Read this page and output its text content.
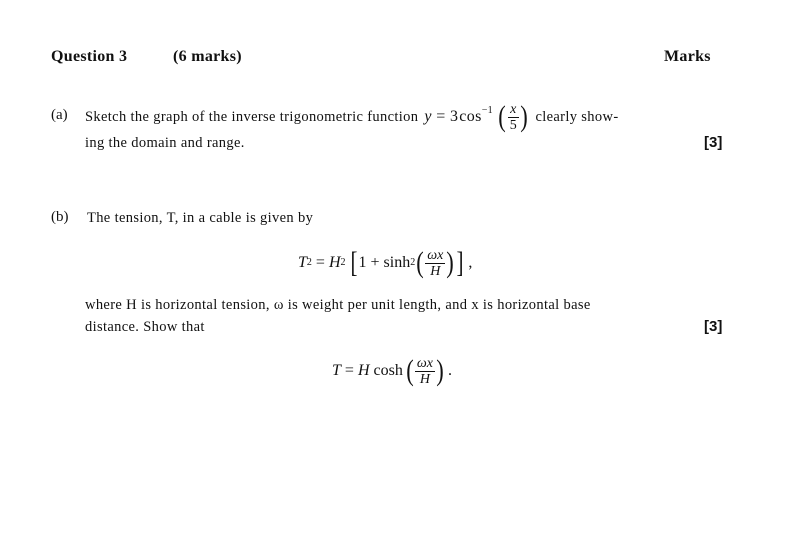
Question 3	(6 marks)	Marks
(a) Sketch the graph of the inverse trigonometric function $y = 3\cos^{-1}$ ( $\frac{x}{5}$ ) clearly show-
ing the domain and range.	[3]
(b) The tension, T, in a cable is given by
T 2 = H 2 [ 1 + sinh 2 ( $\frac{\omega x}{H}$ ) ] ,
where H is horizontal tension, ω is weight per unit length, and x is horizontal base
distance. Show that	[3]
T = H cosh ( $\frac{\omega x}{H}$ ) .
